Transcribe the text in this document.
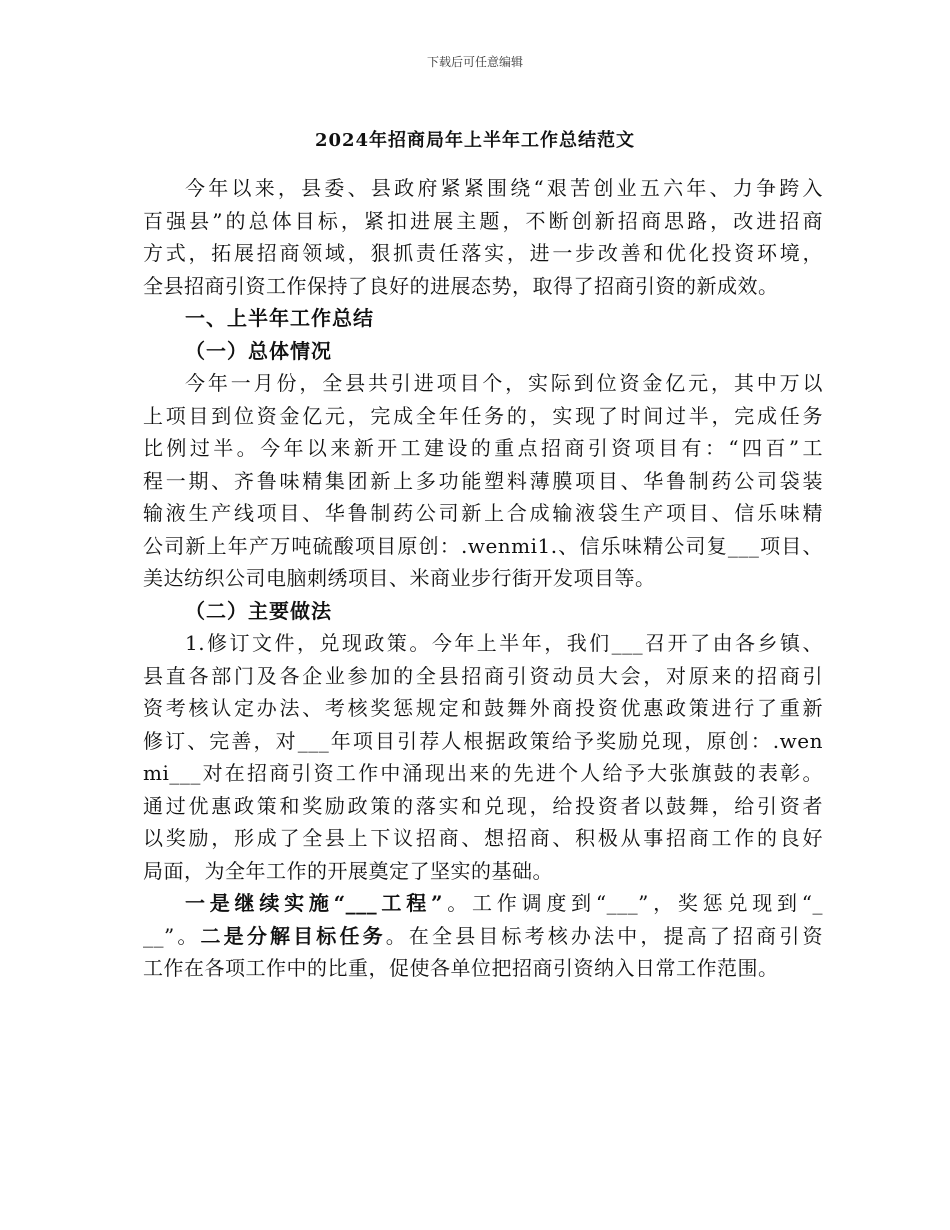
下载后可任意编辑
2024年招商局年上半年工作总结范文
今年以来，县委、县政府紧紧围绕“艰苦创业五六年、力争跨入
百强县”的总体目标，紧扣进展主题，不断创新招商思路，改进招商
方式，拓展招商领域，狠抓责任落实，进一步改善和优化投资环境，
全县招商引资工作保持了良好的进展态势，取得了招商引资的新成效。
一、上半年工作总结
（一）总体情况
今年一月份，全县共引进项目个，实际到位资金亿元，其中万以
上项目到位资金亿元，完成全年任务的，实现了时间过半，完成任务
比例过半。今年以来新开工建设的重点招商引资项目有：“四百”工
程一期、齐鲁味精集团新上多功能塑料薄膜项目、华鲁制药公司袋装
输液生产线项目、华鲁制药公司新上合成输液袋生产项目、信乐味精
公司新上年产万吨硫酸项目原创：.wenmi1.、信乐味精公司复___项目、
美达纺织公司电脑刺绣项目、米商业步行街开发项目等。
（二）主要做法
1.修订文件，兑现政策。今年上半年，我们___召开了由各乡镇、
县直各部门及各企业参加的全县招商引资动员大会，对原来的招商引
资考核认定办法、考核奖惩规定和鼓舞外商投资优惠政策进行了重新
修订、完善，对___年项目引荐人根据政策给予奖励兑现，原创：.wen
mi___对在招商引资工作中涌现出来的先进个人给予大张旗鼓的表彰。
通过优惠政策和奖励政策的落实和兑现，给投资者以鼓舞，给引资者
以奖励，形成了全县上下议招商、想招商、积极从事招商工作的良好
局面，为全年工作的开展奠定了坚实的基础。
一是继续实施“___工程”。工作调度到“___”，奖惩兑现到“_
__”。二是分解目标任务。在全县目标考核办法中，提高了招商引资
工作在各项工作中的比重，促使各单位把招商引资纳入日常工作范围。
